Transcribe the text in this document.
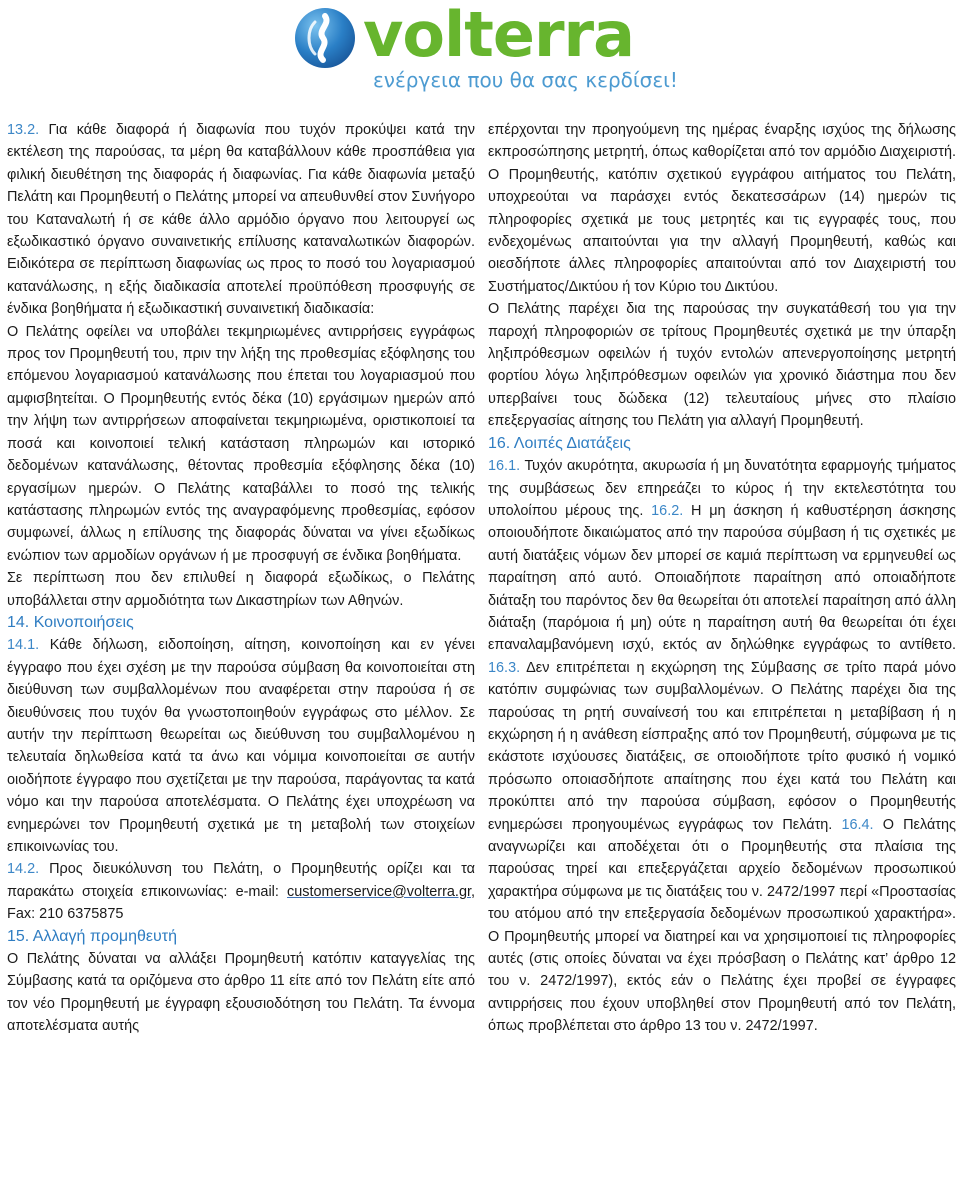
volterra
ενέργεια που θα σας κερδίσει!

13.2. Για κάθε διαφορά ή διαφωνία που τυχόν προκύψει κατά την εκτέλεση της παρούσας, τα μέρη θα καταβάλλουν κάθε προσπάθεια για φιλική διευθέτηση της διαφοράς ή διαφωνίας. Για κάθε διαφωνία μεταξύ Πελάτη και Προμηθευτή ο Πελάτης μπορεί να απευθυνθεί στον Συνήγορο του Καταναλωτή ή σε κάθε άλλο αρμόδιο όργανο που λειτουργεί ως εξωδικαστικό όργανο συναινετικής επίλυσης καταναλωτικών διαφορών. Ειδικότερα σε περίπτωση διαφωνίας ως προς το ποσό του λογαριασμού κατανάλωσης, η εξής διαδικασία αποτελεί προϋπόθεση προσφυγής σε ένδικα βοηθήματα ή εξωδικαστική συναινετική διαδικασία:

Ο Πελάτης οφείλει να υποβάλει τεκμηριωμένες αντιρρήσεις εγγράφως προς τον Προμηθευτή του, πριν την λήξη της προθεσμίας εξόφλησης του επόμενου λογαριασμού κατανάλωσης που έπεται του λογαριασμού που αμφισβητείται. Ο Προμηθευτής εντός δέκα (10) εργάσιμων ημερών από την λήψη των αντιρρήσεων αποφαίνεται τεκμηριωμένα, οριστικοποιεί τα ποσά και κοινοποιεί τελική κατάσταση πληρωμών και ιστορικό δεδομένων κατανάλωσης, θέτοντας προθεσμία εξόφλησης δέκα (10) εργασίμων ημερών. Ο Πελάτης καταβάλλει το ποσό της τελικής κατάστασης πληρωμών εντός της αναγραφόμενης προθεσμίας, εφόσον συμφωνεί, άλλως η επίλυσης της διαφοράς δύναται να γίνει εξωδίκως ενώπιον των αρμοδίων οργάνων ή με προσφυγή σε ένδικα βοηθήματα.

Σε περίπτωση που δεν επιλυθεί η διαφορά εξωδίκως, ο Πελάτης υποβάλλεται στην αρμοδιότητα των Δικαστηρίων των Αθηνών.

14. Κοινοποιήσεις

14.1. Κάθε δήλωση, ειδοποίηση, αίτηση, κοινοποίηση και εν γένει έγγραφο που έχει σχέση με την παρούσα σύμβαση θα κοινοποιείται στη διεύθυνση των συμβαλλομένων που αναφέρεται στην παρούσα ή σε διευθύνσεις που τυχόν θα γνωστοποιηθούν εγγράφως στο μέλλον. Σε αυτήν την περίπτωση θεωρείται ως διεύθυνση του συμβαλλομένου η τελευταία δηλωθείσα κατά τα άνω και νόμιμα κοινοποιείται σε αυτήν οιοδήποτε έγγραφο που σχετίζεται με την παρούσα, παράγοντας τα κατά νόμο και την παρούσα αποτελέσματα. Ο Πελάτης έχει υποχρέωση να ενημερώνει τον Προμηθευτή σχετικά με τη μεταβολή των στοιχείων επικοινωνίας του.

14.2. Προς διευκόλυνση του Πελάτη, ο Προμηθευτής ορίζει και τα παρακάτω στοιχεία επικοινωνίας: e-mail: customerservice@volterra.gr, Fax: 210 6375875

15. Αλλαγή προμηθευτή

Ο Πελάτης δύναται να αλλάξει Προμηθευτή κατόπιν καταγγελίας της Σύμβασης κατά τα οριζόμενα στο άρθρο 11 είτε από τον Πελάτη είτε από τον νέο Προμηθευτή με έγγραφη εξουσιοδότηση του Πελάτη. Τα έννομα αποτελέσματα αυτής

επέρχονται την προηγούμενη της ημέρας έναρξης ισχύος της δήλωσης εκπροσώπησης μετρητή, όπως καθορίζεται από τον αρμόδιο Διαχειριστή. Ο Προμηθευτής, κατόπιν σχετικού εγγράφου αιτήματος του Πελάτη, υποχρεούται να παράσχει εντός δεκατεσσάρων (14) ημερών τις πληροφορίες σχετικά με τους μετρητές και τις εγγραφές τους, που ενδεχομένως απαιτούνται για την αλλαγή Προμηθευτή, καθώς και οιεσδήποτε άλλες πληροφορίες απαιτούνται από τον Διαχειριστή του Συστήματος/Δικτύου ή τον Κύριο του Δικτύου.

Ο Πελάτης παρέχει δια της παρούσας την συγκατάθεσή του για την παροχή πληροφοριών σε τρίτους Προμηθευτές σχετικά με την ύπαρξη ληξιπρόθεσμων οφειλών ή τυχόν εντολών απενεργοποίησης μετρητή φορτίου λόγω ληξιπρόθεσμων οφειλών για χρονικό διάστημα που δεν υπερβαίνει τους δώδεκα (12) τελευταίους μήνες στο πλαίσιο επεξεργασίας αίτησης του Πελάτη για αλλαγή Προμηθευτή.

16. Λοιπές Διατάξεις

16.1. Τυχόν ακυρότητα, ακυρωσία ή μη δυνατότητα εφαρμογής τμήματος της συμβάσεως δεν επηρεάζει το κύρος ή την εκτελεστότητα του υπολοίπου μέρους της. 16.2. Η μη άσκηση ή καθυστέρηση άσκησης οποιουδήποτε δικαιώματος από την παρούσα σύμβαση ή τις σχετικές με αυτή διατάξεις νόμων δεν μπορεί σε καμιά περίπτωση να ερμηνευθεί ως παραίτηση από αυτό. Οποιαδήποτε παραίτηση από οποιαδήποτε διάταξη του παρόντος δεν θα θεωρείται ότι αποτελεί παραίτηση από άλλη διάταξη (παρόμοια ή μη) ούτε η παραίτηση αυτή θα θεωρείται ότι έχει επαναλαμβανόμενη ισχύ, εκτός αν δηλώθηκε εγγράφως το αντίθετο. 16.3. Δεν επιτρέπεται η εκχώρηση της Σύμβασης σε τρίτο παρά μόνο κατόπιν συμφώνιας των συμβαλλομένων. Ο Πελάτης παρέχει δια της παρούσας τη ρητή συναίνεσή του και επιτρέπεται η μεταβίβαση ή η εκχώρηση ή η ανάθεση είσπραξης από τον Προμηθευτή, σύμφωνα με τις εκάστοτε ισχύουσες διατάξεις, σε οποιοδήποτε τρίτο φυσικό ή νομικό πρόσωπο οποιασδήποτε απαίτησης που έχει κατά του Πελάτη και προκύπτει από την παρούσα σύμβαση, εφόσον ο Προμηθευτής ενημερώσει προηγουμένως εγγράφως τον Πελάτη. 16.4. Ο Πελάτης αναγνωρίζει και αποδέχεται ότι ο Προμηθευτής στα πλαίσια της παρούσας τηρεί και επεξεργάζεται αρχείο δεδομένων προσωπικού χαρακτήρα σύμφωνα με τις διατάξεις του ν. 2472/1997 περί «Προστασίας του ατόμου από την επεξεργασία δεδομένων προσωπικού χαρακτήρα». Ο Προμηθευτής μπορεί να διατηρεί και να χρησιμοποιεί τις πληροφορίες αυτές (στις οποίες δύναται να έχει πρόσβαση ο Πελάτης κατ’ άρθρο 12 του ν. 2472/1997), εκτός εάν ο Πελάτης έχει προβεί σε έγγραφες αντιρρήσεις που έχουν υποβληθεί στον Προμηθευτή από τον Πελάτη, όπως προβλέπεται στο άρθρο 13 του ν. 2472/1997.
